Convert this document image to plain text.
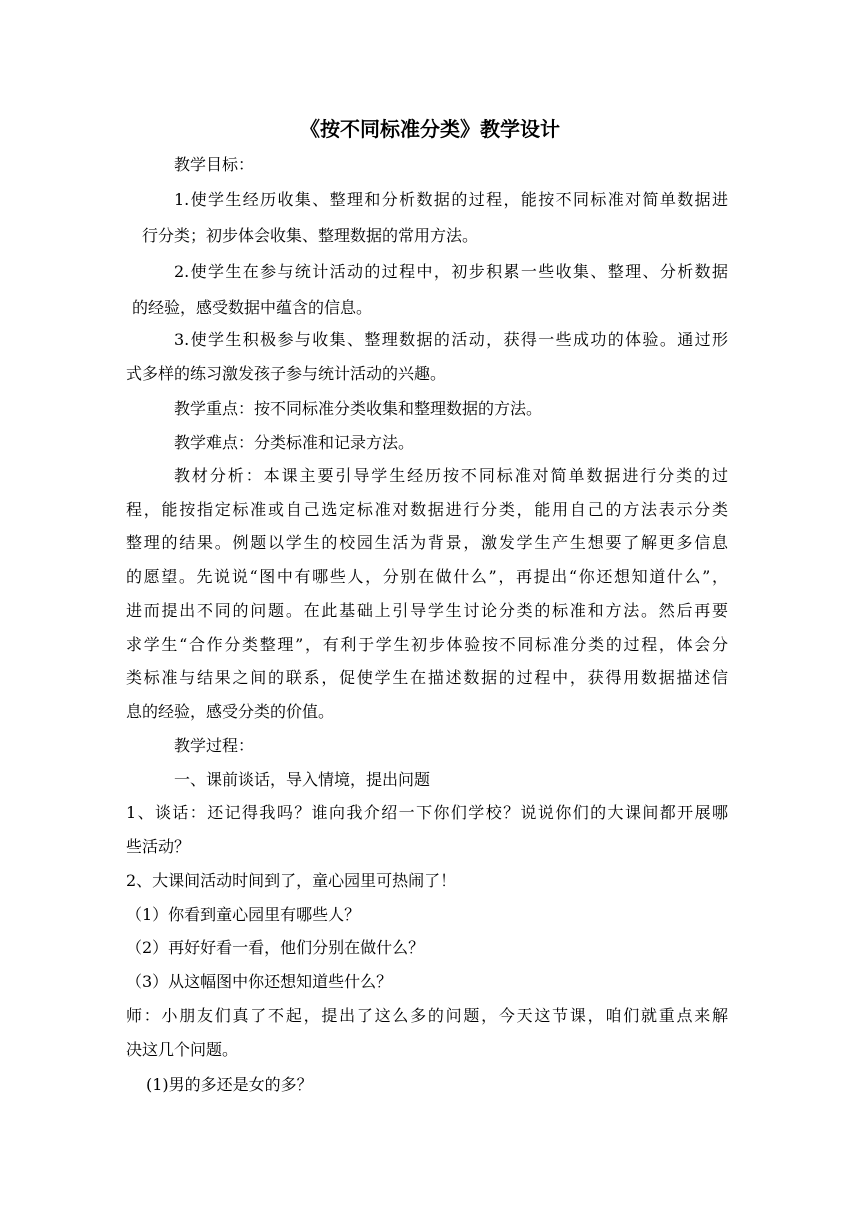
《按不同标准分类》教学设计
教学目标：
1.使学生经历收集、整理和分析数据的过程，能按不同标准对简单数据进
行分类；初步体会收集、整理数据的常用方法。
2.使学生在参与统计活动的过程中，初步积累一些收集、整理、分析数据
的经验，感受数据中蕴含的信息。
3.使学生积极参与收集、整理数据的活动，获得一些成功的体验。通过形
式多样的练习激发孩子参与统计活动的兴趣。
教学重点：按不同标准分类收集和整理数据的方法。
教学难点：分类标准和记录方法。
教材分析：本课主要引导学生经历按不同标准对简单数据进行分类的过
程，能按指定标准或自己选定标准对数据进行分类，能用自己的方法表示分类
整理的结果。例题以学生的校园生活为背景，激发学生产生想要了解更多信息
的愿望。先说说“图中有哪些人，分别在做什么”，再提出“你还想知道什么”，
进而提出不同的问题。在此基础上引导学生讨论分类的标准和方法。然后再要
求学生“合作分类整理”，有利于学生初步体验按不同标准分类的过程，体会分
类标准与结果之间的联系，促使学生在描述数据的过程中，获得用数据描述信
息的经验，感受分类的价值。
教学过程：
一、课前谈话，导入情境，提出问题
1、谈话：还记得我吗？谁向我介绍一下你们学校？说说你们的大课间都开展哪
些活动？
2、大课间活动时间到了，童心园里可热闹了！
（1）你看到童心园里有哪些人？
（2）再好好看一看，他们分别在做什么？
（3）从这幅图中你还想知道些什么？
师：小朋友们真了不起，提出了这么多的问题，今天这节课，咱们就重点来解
决这几个问题。
(1)男的多还是女的多？
